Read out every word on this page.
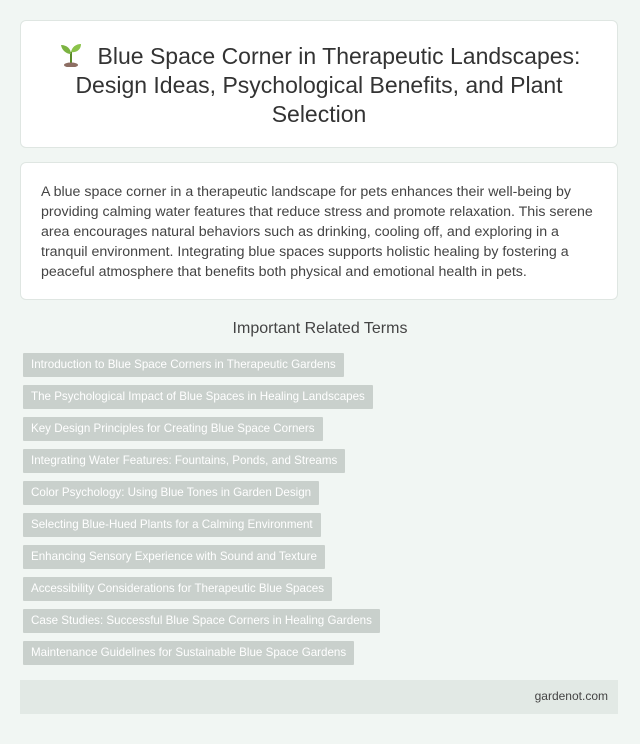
Blue Space Corner in Therapeutic Landscapes: Design Ideas, Psychological Benefits, and Plant Selection
A blue space corner in a therapeutic landscape for pets enhances their well-being by providing calming water features that reduce stress and promote relaxation. This serene area encourages natural behaviors such as drinking, cooling off, and exploring in a tranquil environment. Integrating blue spaces supports holistic healing by fostering a peaceful atmosphere that benefits both physical and emotional health in pets.
Important Related Terms
Introduction to Blue Space Corners in Therapeutic Gardens
The Psychological Impact of Blue Spaces in Healing Landscapes
Key Design Principles for Creating Blue Space Corners
Integrating Water Features: Fountains, Ponds, and Streams
Color Psychology: Using Blue Tones in Garden Design
Selecting Blue-Hued Plants for a Calming Environment
Enhancing Sensory Experience with Sound and Texture
Accessibility Considerations for Therapeutic Blue Spaces
Case Studies: Successful Blue Space Corners in Healing Gardens
Maintenance Guidelines for Sustainable Blue Space Gardens
gardenot.com
